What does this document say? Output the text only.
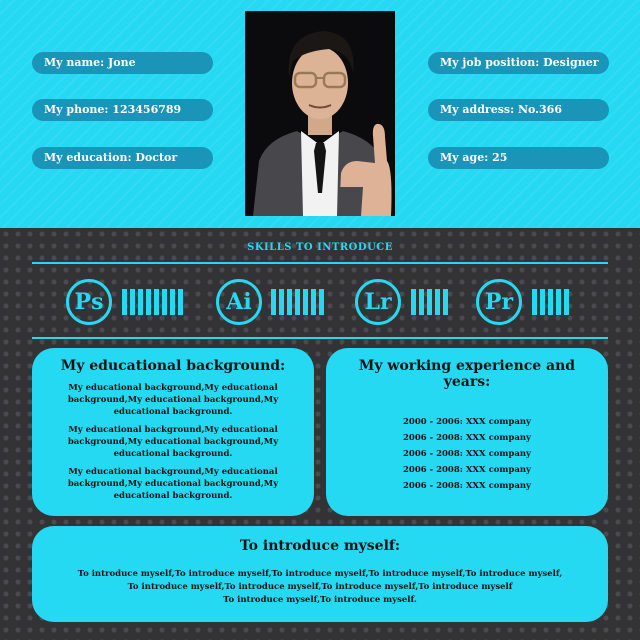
My name: Jone
My phone: 123456789
My education: Doctor
My job position: Designer
My address: No.366
My age: 25
SKILLS TO INTRODUCE
Ps	Ai	Lr	Pr
My educational background:

My educational background,My educational background,My educational background,My educational background.

My educational background,My educational background,My educational background,My educational background.

My educational background,My educational background,My educational background,My educational background.

My working experience and years:
2000 - 2006: XXX company
2006 - 2008: XXX company
2006 - 2008: XXX company
2006 - 2008: XXX company
2006 - 2008: XXX company
To introduce myself:
To introduce myself,To introduce myself,To introduce myself,To introduce myself,To introduce myself,
To introduce myself,To introduce myself,To introduce myself,To introduce myself
To introduce myself,To introduce myself.
